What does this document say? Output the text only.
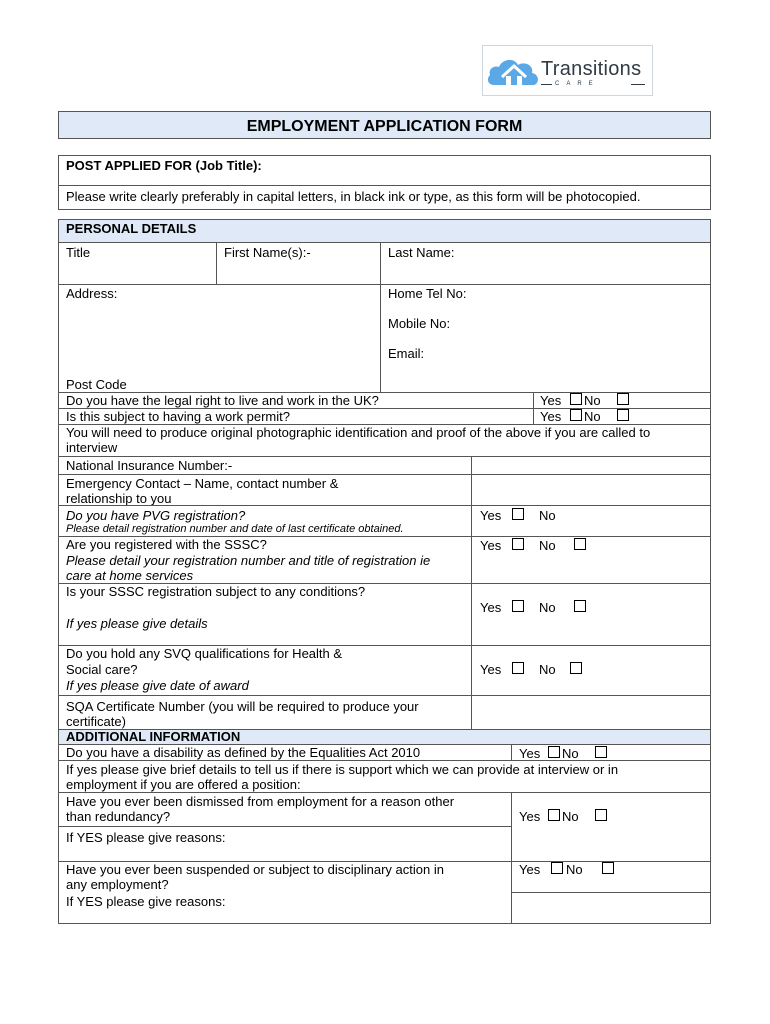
Transitions
CARE
EMPLOYMENT APPLICATION FORM
POST APPLIED FOR (Job Title):
Please write clearly preferably in capital letters, in black ink or type, as this form will be photocopied.
PERSONAL DETAILS
Title	First Name(s):-	Last Name:
Address:	Home Tel No:
Mobile No:
Email:
Post Code
Do you have the legal right to live and work in the UK?	Yes No
Is this subject to having a work permit?	Yes No
You will need to produce original photographic identification and proof of the above if you are called to
interview
National Insurance Number:-
Emergency Contact – Name, contact number &
relationship to you
Do you have PVG registration?
Please detail registration number and date of last certificate obtained.
Yes	No
Are you registered with the SSSC?
Please detail your registration number and title of registration ie
care at home services
Yes	No
Is your SSSC registration subject to any conditions?
Yes	No
If yes please give details
Do you hold any SVQ qualifications for Health &
Social care?
If yes please give date of award
Yes	No
SQA Certificate Number (you will be required to produce your
certificate)
ADDITIONAL INFORMATION
Do you have a disability as defined by the Equalities Act 2010	Yes No
If yes please give brief details to tell us if there is support which we can provide at interview or in
employment if you are offered a position:
Have you ever been dismissed from employment for a reason other
than redundancy?	Yes No
If YES please give reasons:
Have you ever been suspended or subject to disciplinary action in
any employment?
Yes No
If YES please give reasons:
